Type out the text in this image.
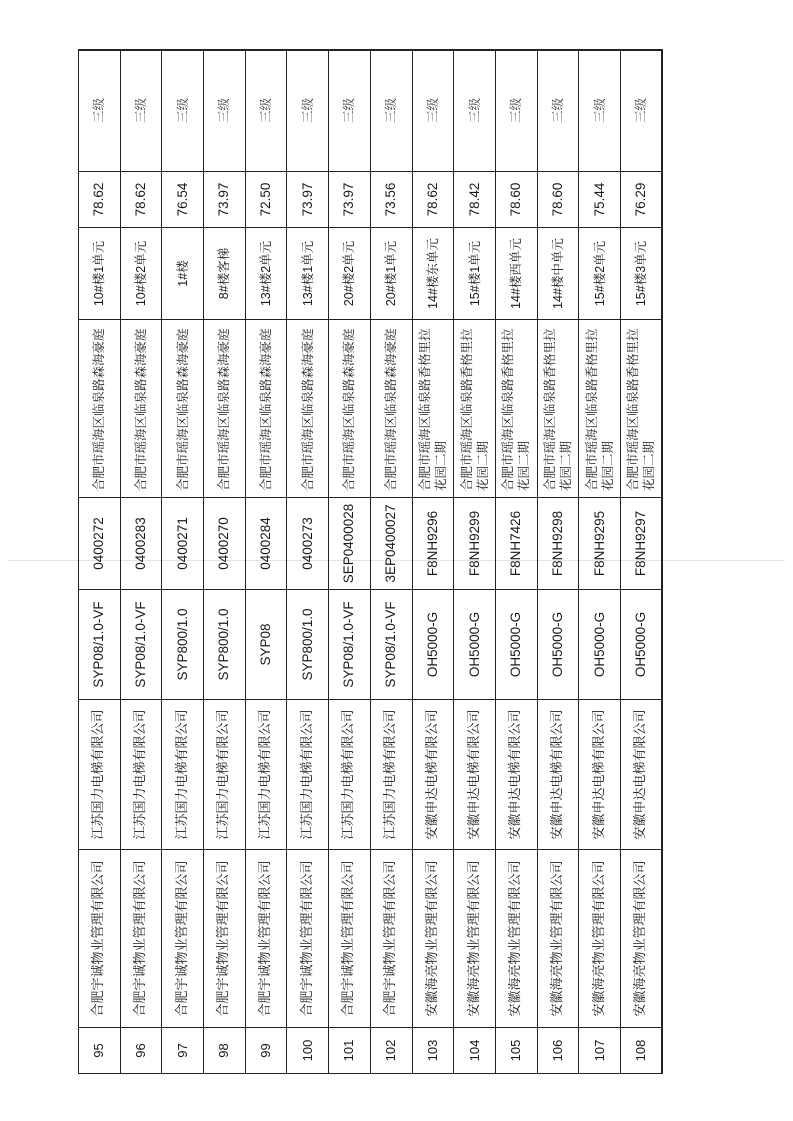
95	合肥宇诚物业管理有限公司	江苏国力电梯有限公司	SYP08/1.0-VF	0400272	合肥市瑶海区临泉路森海豪庭	10#楼1单元	78.62	三级
96	合肥宇诚物业管理有限公司	江苏国力电梯有限公司	SYP08/1.0-VF	0400283	合肥市瑶海区临泉路森海豪庭	10#楼2单元	78.62	三级
97	合肥宇诚物业管理有限公司	江苏国力电梯有限公司	SYP800/1.0	0400271	合肥市瑶海区临泉路森海豪庭	1#楼	76.54	三级
98	合肥宇诚物业管理有限公司	江苏国力电梯有限公司	SYP800/1.0	0400270	合肥市瑶海区临泉路森海豪庭	8#楼客梯	73.97	三级
99	合肥宇诚物业管理有限公司	江苏国力电梯有限公司	SYP08	0400284	合肥市瑶海区临泉路森海豪庭	13#楼2单元	72.50	三级
100	合肥宇诚物业管理有限公司	江苏国力电梯有限公司	SYP800/1.0	0400273	合肥市瑶海区临泉路森海豪庭	13#楼1单元	73.97	三级
101	合肥宇诚物业管理有限公司	江苏国力电梯有限公司	SYP08/1.0-VF	SEP0400028	合肥市瑶海区临泉路森海豪庭	20#楼2单元	73.97	三级
102	合肥宇诚物业管理有限公司	江苏国力电梯有限公司	SYP08/1.0-VF	3EP0400027	合肥市瑶海区临泉路森海豪庭	20#楼1单元	73.56	三级
103	安徽海亮物业管理有限公司	安徽申达电梯有限公司	OH5000-G	F8NH9296	合肥市瑶海区临泉路香格里拉花园二期	14#楼东单元	78.62	三级
104	安徽海亮物业管理有限公司	安徽申达电梯有限公司	OH5000-G	F8NH9299	合肥市瑶海区临泉路香格里拉花园二期	15#楼1单元	78.42	三级
105	安徽海亮物业管理有限公司	安徽申达电梯有限公司	OH5000-G	F8NH7426	合肥市瑶海区临泉路香格里拉花园二期	14#楼西单元	78.60	三级
106	安徽海亮物业管理有限公司	安徽申达电梯有限公司	OH5000-G	F8NH9298	合肥市瑶海区临泉路香格里拉花园二期	14#楼中单元	78.60	三级
107	安徽海亮物业管理有限公司	安徽申达电梯有限公司	OH5000-G	F8NH9295	合肥市瑶海区临泉路香格里拉花园二期	15#楼2单元	75.44	三级
108	安徽海亮物业管理有限公司	安徽申达电梯有限公司	OH5000-G	F8NH9297	合肥市瑶海区临泉路香格里拉花园二期	15#楼3单元	76.29	三级
